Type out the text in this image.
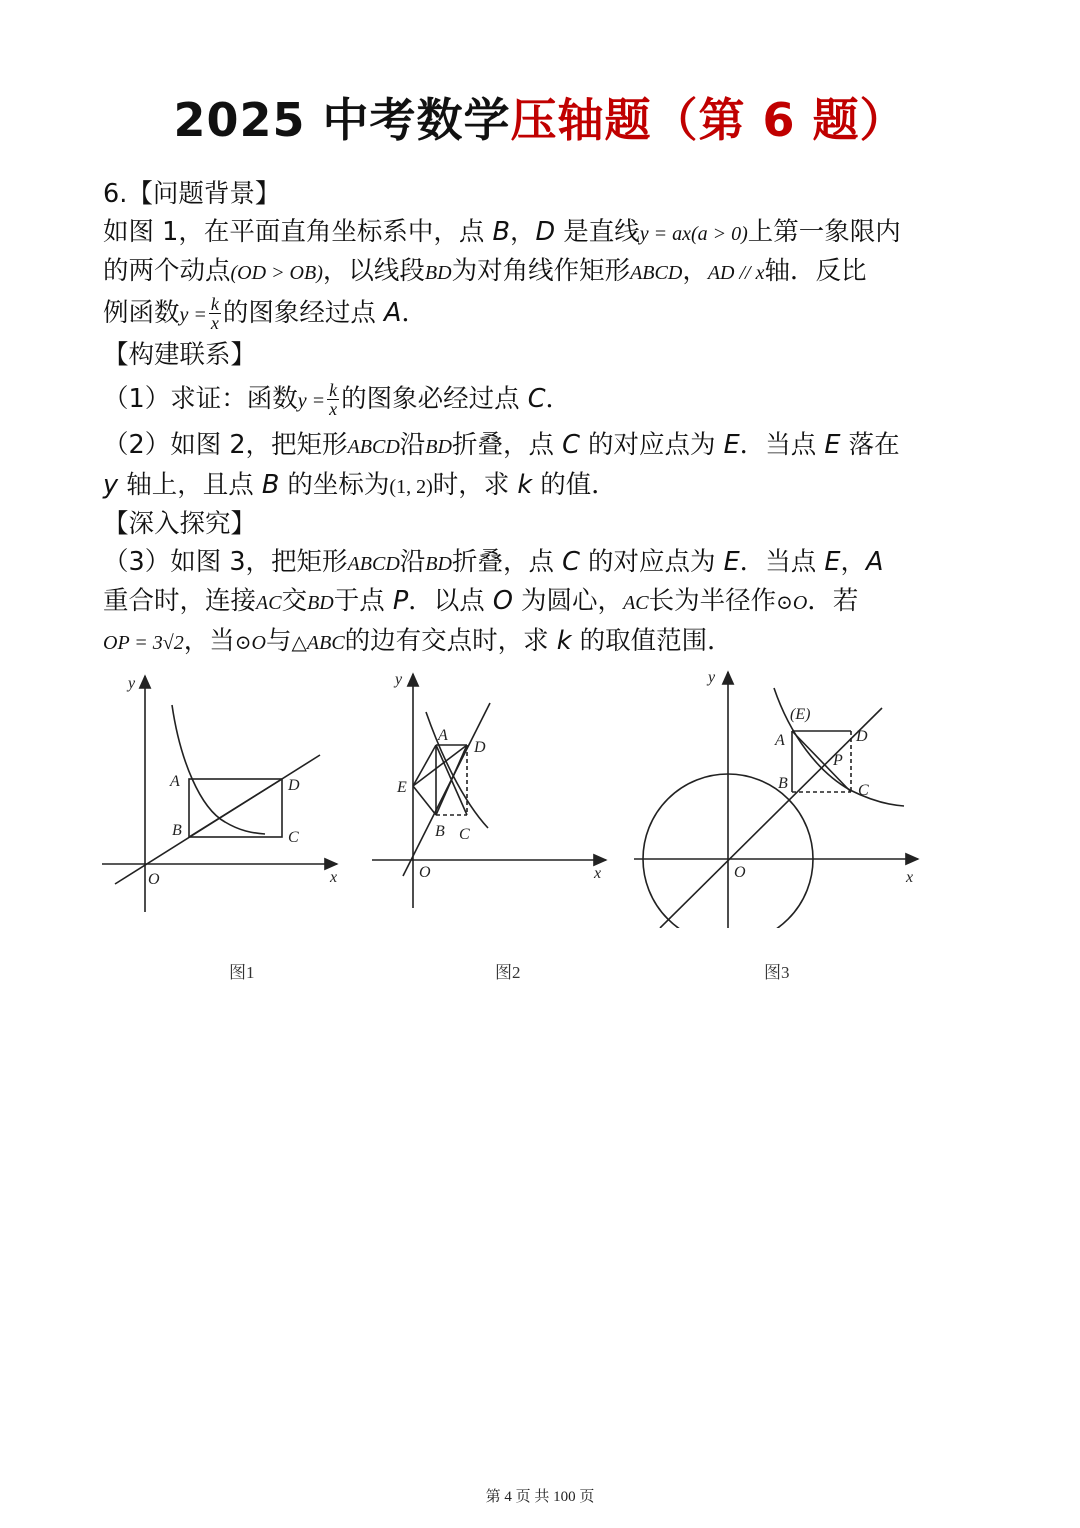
2025 中考数学压轴题（第 6 题）

6.【问题背景】

如图 1，在平面直角坐标系中，点 B，D 是直线y = ax(a > 0)上第一象限内

的两个动点(OD > OB)，以线段BD为对角线作矩形ABCD，AD // x轴．反比

例函数$y = \frac{k}{x}$ 的图象经过点 A．

【构建联系】

（1）求证：函数$y = \frac{k}{x}$ 的图象必经过点 C．

（2）如图 2，把矩形ABCD沿BD折叠，点 C 的对应点为 E．当点 E 落在

y 轴上，且点 B 的坐标为(1, 2)时，求 k 的值．

【深入探究】

（3）如图 3，把矩形ABCD沿BD折叠，点 C 的对应点为 E．当点 E，A

重合时，连接AC交BD于点 P．以点 O 为圆心，AC长为半径作⊙O．若

OP = 3√2，当⊙O与△ABC的边有交点时，求 k 的取值范围．

y
x
O
A
B	C
D
y
x
O
A
E
D
B C
y
x
O
(E)
A	D
P
B	C
图1	图2	图3
第 4 页 共 100 页
